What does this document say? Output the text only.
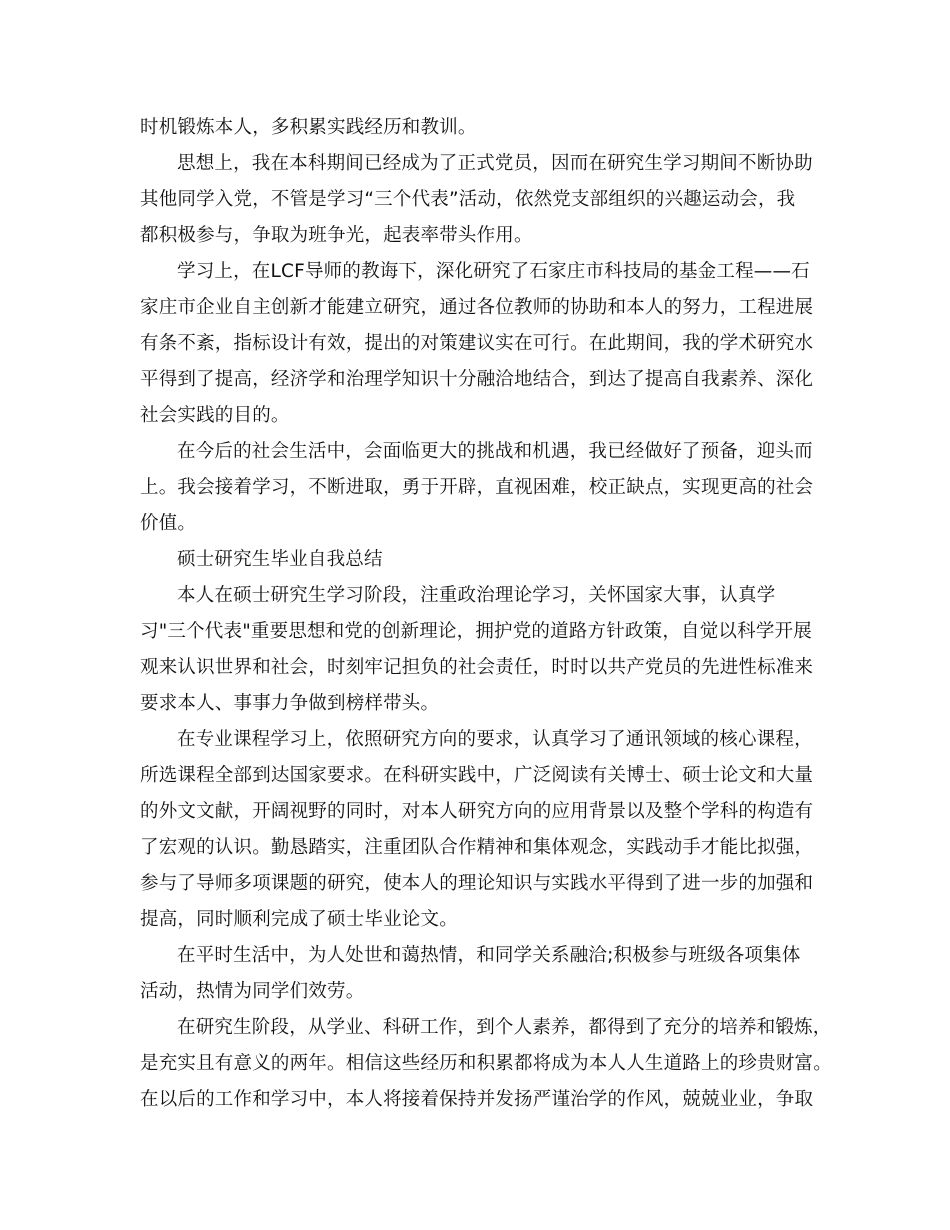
时机锻炼本人，多积累实践经历和教训。
思想上，我在本科期间已经成为了正式党员，因而在研究生学习期间不断协助
其他同学入党，不管是学习“三个代表”活动，依然党支部组织的兴趣运动会，我
都积极参与，争取为班争光，起表率带头作用。
学习上，在LCF导师的教诲下，深化研究了石家庄市科技局的基金工程——石
家庄市企业自主创新才能建立研究，通过各位教师的协助和本人的努力，工程进展
有条不紊，指标设计有效，提出的对策建议实在可行。在此期间，我的学术研究水
平得到了提高，经济学和治理学知识十分融洽地结合，到达了提高自我素养、深化
社会实践的目的。
在今后的社会生活中，会面临更大的挑战和机遇，我已经做好了预备，迎头而
上。我会接着学习，不断进取，勇于开辟，直视困难，校正缺点，实现更高的社会
价值。
硕士研究生毕业自我总结
本人在硕士研究生学习阶段，注重政治理论学习，关怀国家大事，认真学
习"三个代表"重要思想和党的创新理论，拥护党的道路方针政策，自觉以科学开展
观来认识世界和社会，时刻牢记担负的社会责任，时时以共产党员的先进性标准来
要求本人、事事力争做到榜样带头。
在专业课程学习上，依照研究方向的要求，认真学习了通讯领域的核心课程，
所选课程全部到达国家要求。在科研实践中，广泛阅读有关博士、硕士论文和大量
的外文文献，开阔视野的同时，对本人研究方向的应用背景以及整个学科的构造有
了宏观的认识。勤恳踏实，注重团队合作精神和集体观念，实践动手才能比拟强，
参与了导师多项课题的研究，使本人的理论知识与实践水平得到了进一步的加强和
提高，同时顺利完成了硕士毕业论文。
在平时生活中，为人处世和蔼热情，和同学关系融洽;积极参与班级各项集体
活动，热情为同学们效劳。
在研究生阶段，从学业、科研工作，到个人素养，都得到了充分的培养和锻炼，
是充实且有意义的两年。相信这些经历和积累都将成为本人人生道路上的珍贵财富。
在以后的工作和学习中，本人将接着保持并发扬严谨治学的作风，兢兢业业，争取
